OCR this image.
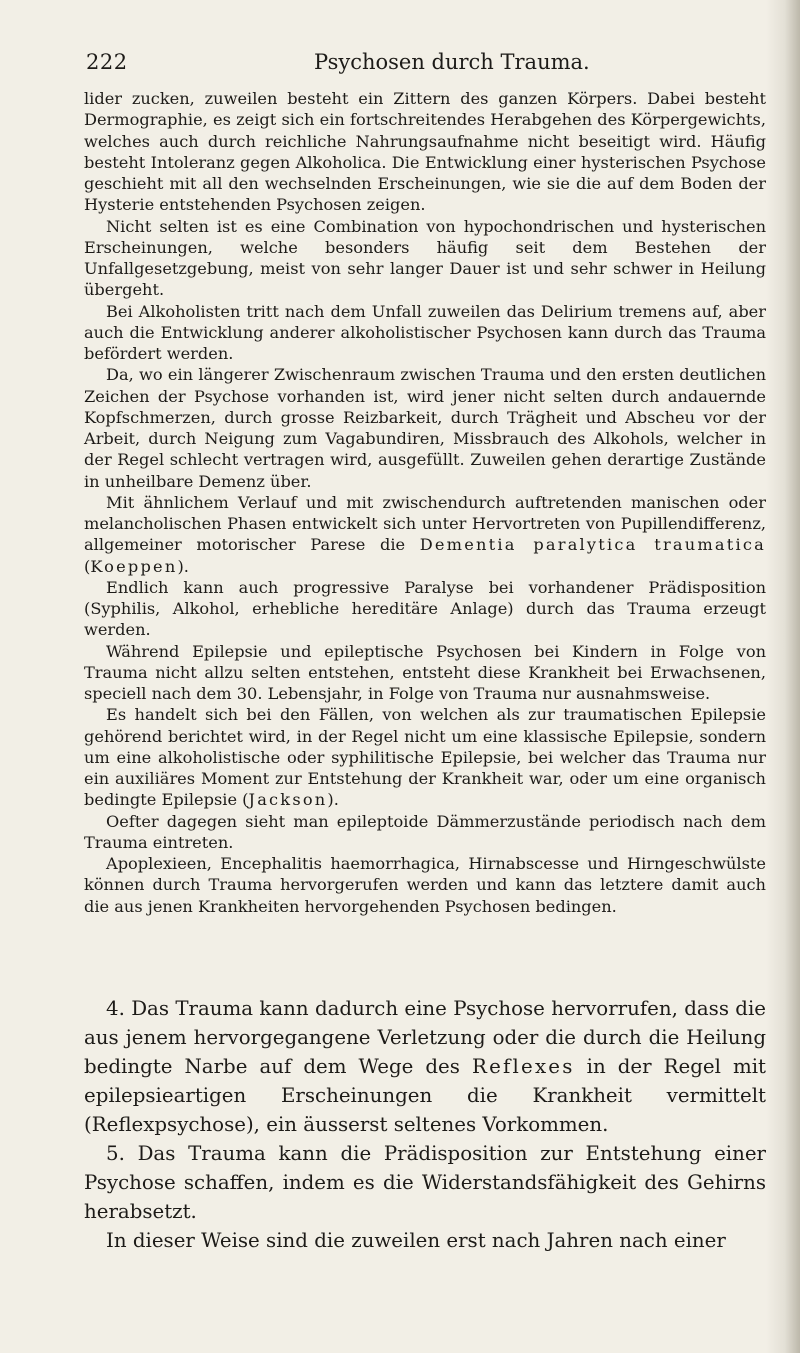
222	Psychosen durch Trauma.

lider zucken, zuweilen besteht ein Zittern des ganzen Körpers. Dabei besteht Dermographie, es zeigt sich ein fortschreitendes Herabgehen des Körpergewichts, welches auch durch reichliche Nahrungsaufnahme nicht beseitigt wird. Häufig besteht Intoleranz gegen Alkoholica. Die Entwicklung einer hysterischen Psychose geschieht mit all den wechselnden Erscheinungen, wie sie die auf dem Boden der Hysterie entstehenden Psychosen zeigen.

Nicht selten ist es eine Combination von hypochondrischen und hysterischen Erscheinungen, welche besonders häufig seit dem Bestehen der Unfallgesetzgebung, meist von sehr langer Dauer ist und sehr schwer in Heilung übergeht.

Bei Alkoholisten tritt nach dem Unfall zuweilen das Delirium tremens auf, aber auch die Entwicklung anderer alkoholistischer Psychosen kann durch das Trauma befördert werden.

Da, wo ein längerer Zwischenraum zwischen Trauma und den ersten deutlichen Zeichen der Psychose vorhanden ist, wird jener nicht selten durch andauernde Kopfschmerzen, durch grosse Reizbarkeit, durch Trägheit und Abscheu vor der Arbeit, durch Neigung zum Vagabundiren, Missbrauch des Alkohols, welcher in der Regel schlecht vertragen wird, ausgefüllt. Zuweilen gehen derartige Zustände in unheilbare Demenz über.

Mit ähnlichem Verlauf und mit zwischendurch auftretenden manischen oder melancholischen Phasen entwickelt sich unter Hervortreten von Pupillendifferenz, allgemeiner motorischer Parese die Dementia paralytica traumatica (Koeppen).

Endlich kann auch progressive Paralyse bei vorhandener Prädisposition (Syphilis, Alkohol, erhebliche hereditäre Anlage) durch das Trauma erzeugt werden.

Während Epilepsie und epileptische Psychosen bei Kindern in Folge von Trauma nicht allzu selten entstehen, entsteht diese Krankheit bei Erwachsenen, speciell nach dem 30. Lebensjahr, in Folge von Trauma nur ausnahmsweise.

Es handelt sich bei den Fällen, von welchen als zur traumatischen Epilepsie gehörend berichtet wird, in der Regel nicht um eine klassische Epilepsie, sondern um eine alkoholistische oder syphilitische Epilepsie, bei welcher das Trauma nur ein auxiliäres Moment zur Entstehung der Krankheit war, oder um eine organisch bedingte Epilepsie (Jackson).

Oefter dagegen sieht man epileptoide Dämmerzustände periodisch nach dem Trauma eintreten.

Apoplexieen, Encephalitis haemorrhagica, Hirnabscesse und Hirngeschwülste können durch Trauma hervorgerufen werden und kann das letztere damit auch die aus jenen Krankheiten hervorgehenden Psychosen bedingen.

4. Das Trauma kann dadurch eine Psychose hervorrufen, dass die aus jenem hervorgegangene Verletzung oder die durch die Heilung bedingte Narbe auf dem Wege des Reflexes in der Regel mit epilepsieartigen Erscheinungen die Krankheit vermittelt (Reflexpsychose), ein äusserst seltenes Vorkommen.

5. Das Trauma kann die Prädisposition zur Entstehung einer Psychose schaffen, indem es die Widerstandsfähigkeit des Gehirns herabsetzt.

In dieser Weise sind die zuweilen erst nach Jahren nach einer
